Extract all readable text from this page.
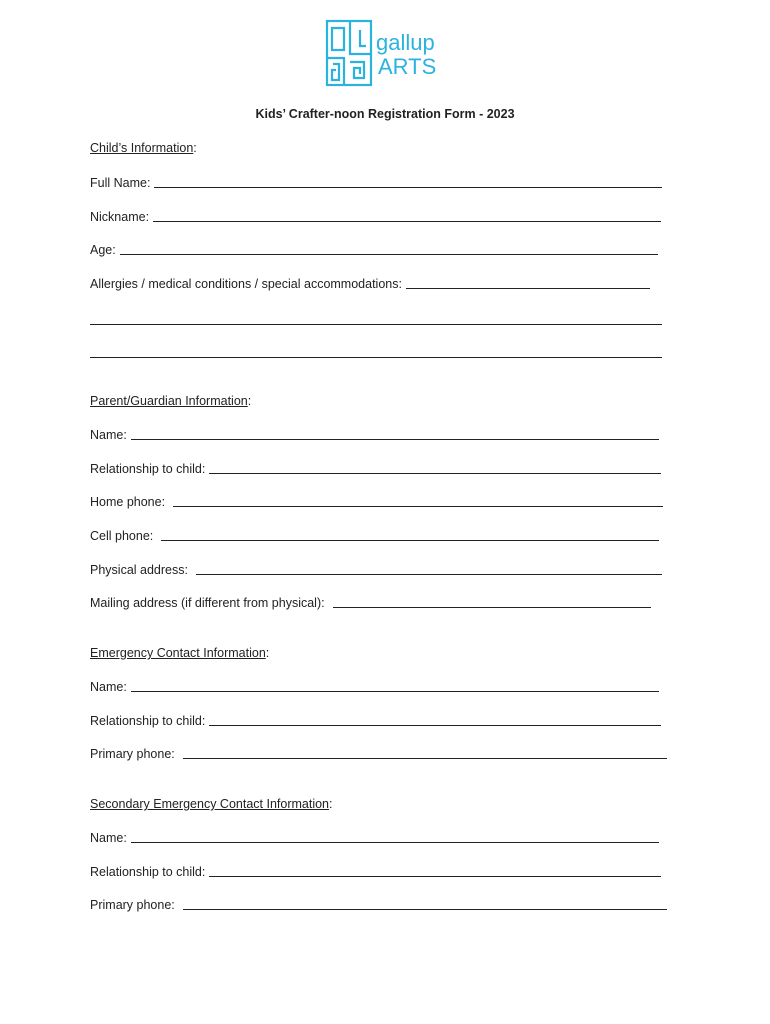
gallup
ARTS
Kids’ Crafter-noon Registration Form - 2023
Child’s Information:
Full Name:
Nickname:
Age:
Allergies / medical conditions / special accommodations:
Parent/Guardian Information:
Name:
Relationship to child:
Home phone:
Cell phone:
Physical address:
Mailing address (if different from physical):
Emergency Contact Information:
Name:
Relationship to child:
Primary phone:
Secondary Emergency Contact Information:
Name:
Relationship to child:
Primary phone:
